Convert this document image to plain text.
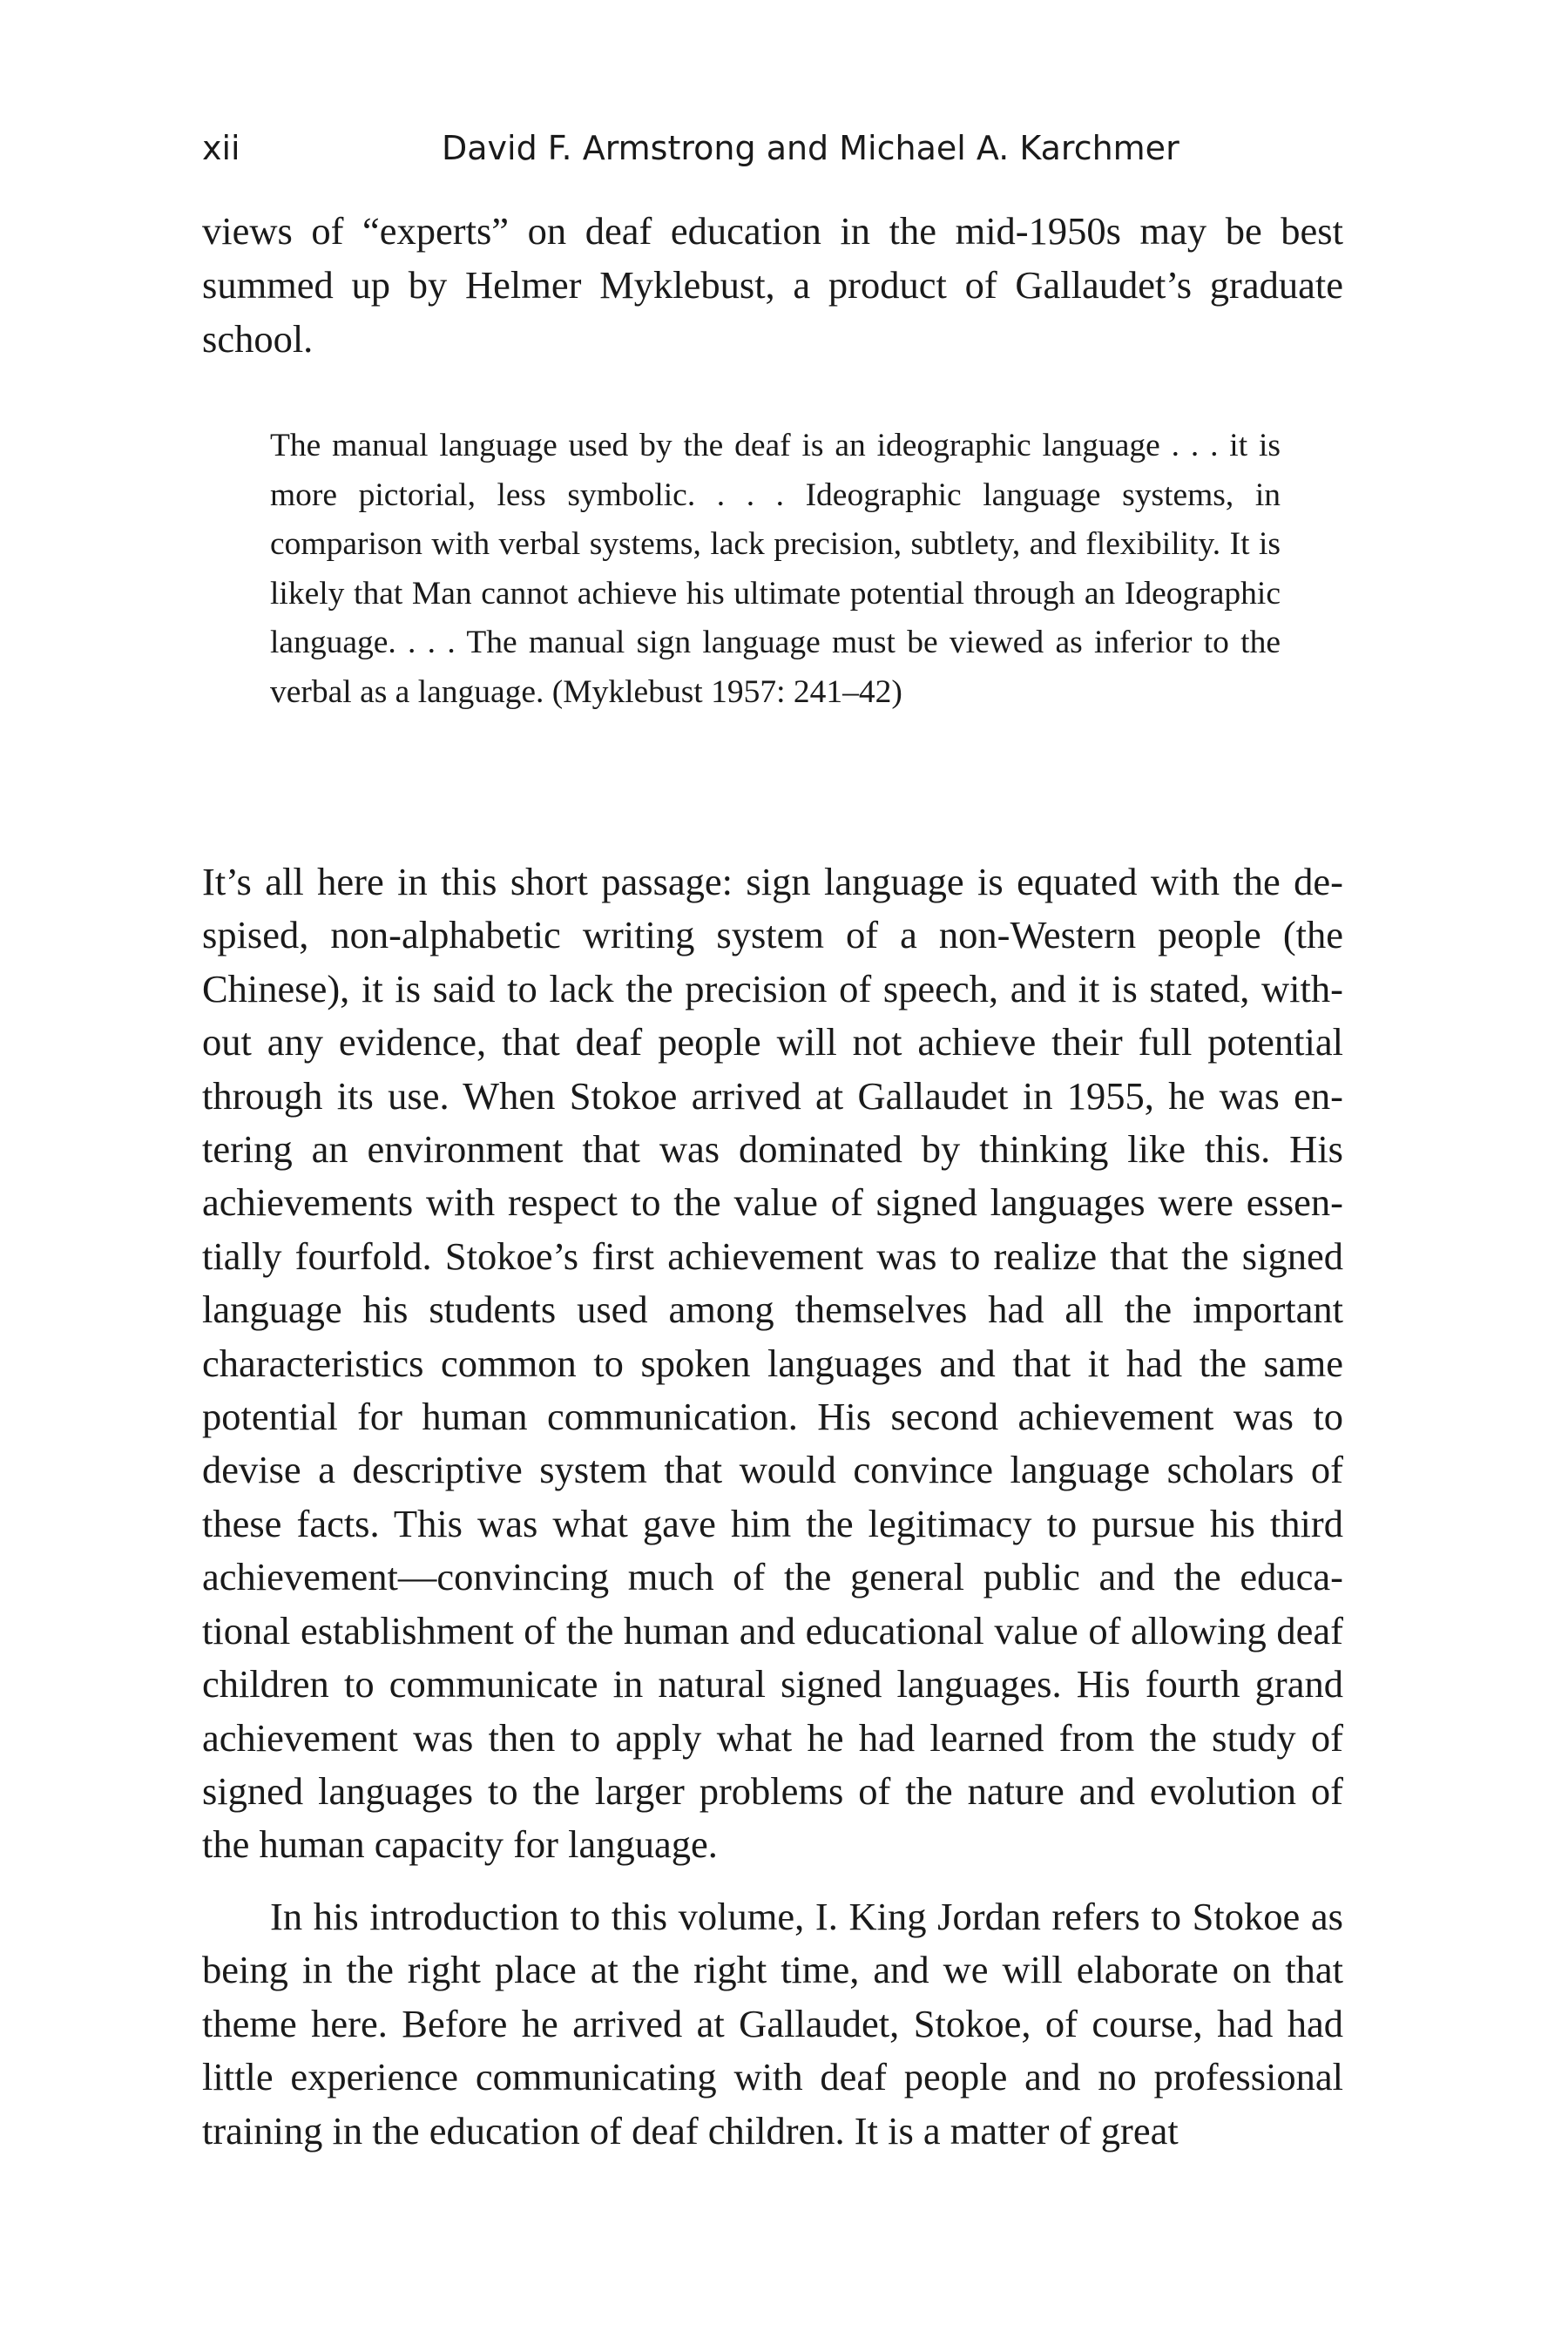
xii	David F. Armstrong and Michael A. Karchmer

views of “experts” on deaf education in the mid-1950s may be best summed up by Helmer Myklebust, a product of Gallaudet’s graduate school.

The manual language used by the deaf is an ideographic language . . . it is more pictorial, less symbolic. . . . Ideographic language systems, in comparison with verbal systems, lack precision, subtlety, and flexibility. It is likely that Man cannot achieve his ultimate potential through an Ideographic language. . . . The manual sign language must be viewed as inferior to the verbal as a language. (Myklebust 1957: 241–42)

It’s all here in this short passage: sign language is equated with the despised, non-alphabetic writing system of a non-Western people (the Chinese), it is said to lack the precision of speech, and it is stated, without any evidence, that deaf people will not achieve their full potential through its use. When Stokoe arrived at Gallaudet in 1955, he was entering an environment that was dominated by thinking like this. His achievements with respect to the value of signed languages were essentially fourfold. Stokoe’s first achievement was to realize that the signed language his students used among themselves had all the important characteristics common to spoken languages and that it had the same potential for human communication. His second achievement was to devise a descriptive system that would convince language scholars of these facts. This was what gave him the legitimacy to pursue his third achievement—convincing much of the general public and the educational establishment of the human and educational value of allowing deaf children to communicate in natural signed languages. His fourth grand achievement was then to apply what he had learned from the study of signed languages to the larger problems of the nature and evolution of the human capacity for language.

In his introduction to this volume, I. King Jordan refers to Stokoe as being in the right place at the right time, and we will elaborate on that theme here. Before he arrived at Gallaudet, Stokoe, of course, had had little experience communicating with deaf people and no professional training in the education of deaf children. It is a matter of great
